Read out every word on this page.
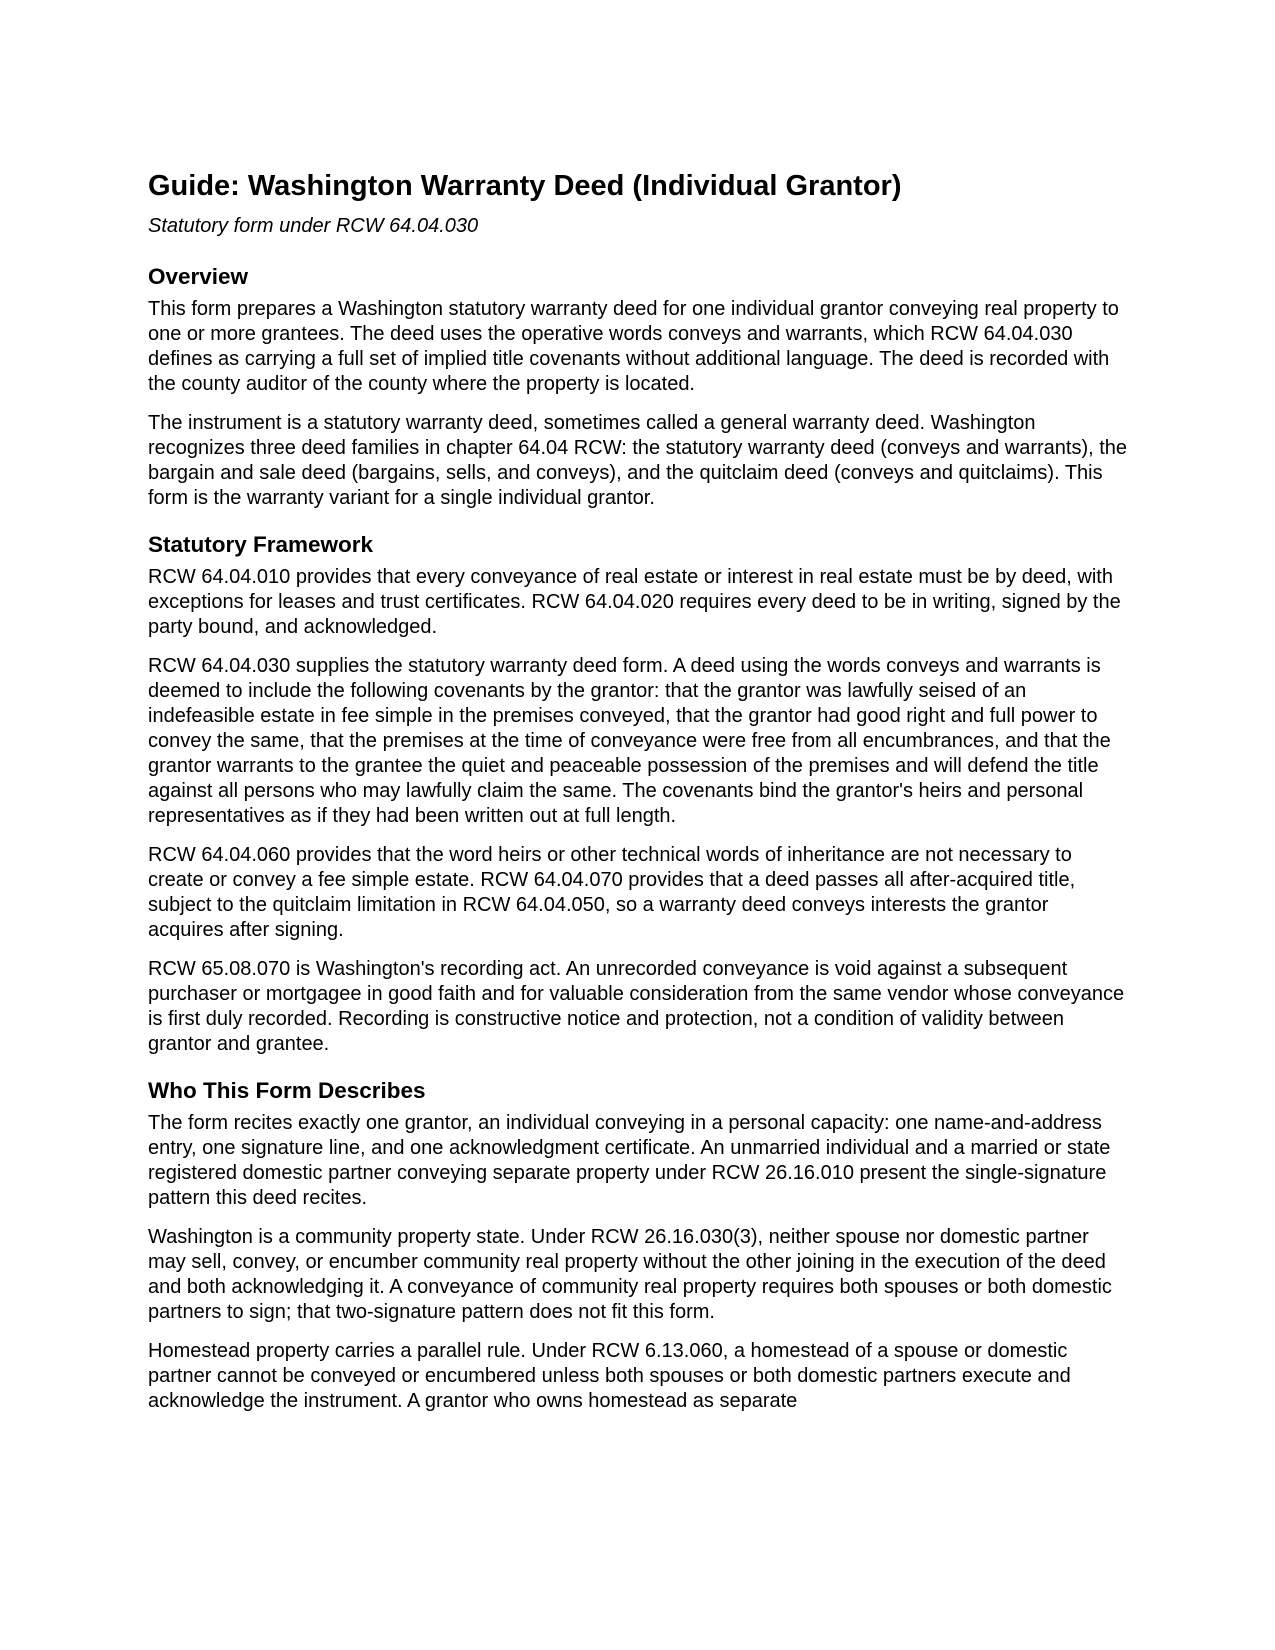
Guide: Washington Warranty Deed (Individual Grantor)

Statutory form under RCW 64.04.030

Overview

This form prepares a Washington statutory warranty deed for one individual grantor conveying real property to one or more grantees. The deed uses the operative words conveys and warrants, which RCW 64.04.030 defines as carrying a full set of implied title covenants without additional language. The deed is recorded with the county auditor of the county where the property is located.

The instrument is a statutory warranty deed, sometimes called a general warranty deed. Washington recognizes three deed families in chapter 64.04 RCW: the statutory warranty deed (conveys and warrants), the bargain and sale deed (bargains, sells, and conveys), and the quitclaim deed (conveys and quitclaims). This form is the warranty variant for a single individual grantor.

Statutory Framework

RCW 64.04.010 provides that every conveyance of real estate or interest in real estate must be by deed, with exceptions for leases and trust certificates. RCW 64.04.020 requires every deed to be in writing, signed by the party bound, and acknowledged.

RCW 64.04.030 supplies the statutory warranty deed form. A deed using the words conveys and warrants is deemed to include the following covenants by the grantor: that the grantor was lawfully seised of an indefeasible estate in fee simple in the premises conveyed, that the grantor had good right and full power to convey the same, that the premises at the time of conveyance were free from all encumbrances, and that the grantor warrants to the grantee the quiet and peaceable possession of the premises and will defend the title against all persons who may lawfully claim the same. The covenants bind the grantor's heirs and personal representatives as if they had been written out at full length.

RCW 64.04.060 provides that the word heirs or other technical words of inheritance are not necessary to create or convey a fee simple estate. RCW 64.04.070 provides that a deed passes all after-acquired title, subject to the quitclaim limitation in RCW 64.04.050, so a warranty deed conveys interests the grantor acquires after signing.

RCW 65.08.070 is Washington's recording act. An unrecorded conveyance is void against a subsequent purchaser or mortgagee in good faith and for valuable consideration from the same vendor whose conveyance is first duly recorded. Recording is constructive notice and protection, not a condition of validity between grantor and grantee.

Who This Form Describes

The form recites exactly one grantor, an individual conveying in a personal capacity: one name-and-address entry, one signature line, and one acknowledgment certificate. An unmarried individual and a married or state registered domestic partner conveying separate property under RCW 26.16.010 present the single-signature pattern this deed recites.

Washington is a community property state. Under RCW 26.16.030(3), neither spouse nor domestic partner may sell, convey, or encumber community real property without the other joining in the execution of the deed and both acknowledging it. A conveyance of community real property requires both spouses or both domestic partners to sign; that two-signature pattern does not fit this form.

Homestead property carries a parallel rule. Under RCW 6.13.060, a homestead of a spouse or domestic partner cannot be conveyed or encumbered unless both spouses or both domestic partners execute and acknowledge the instrument. A grantor who owns homestead as separate
